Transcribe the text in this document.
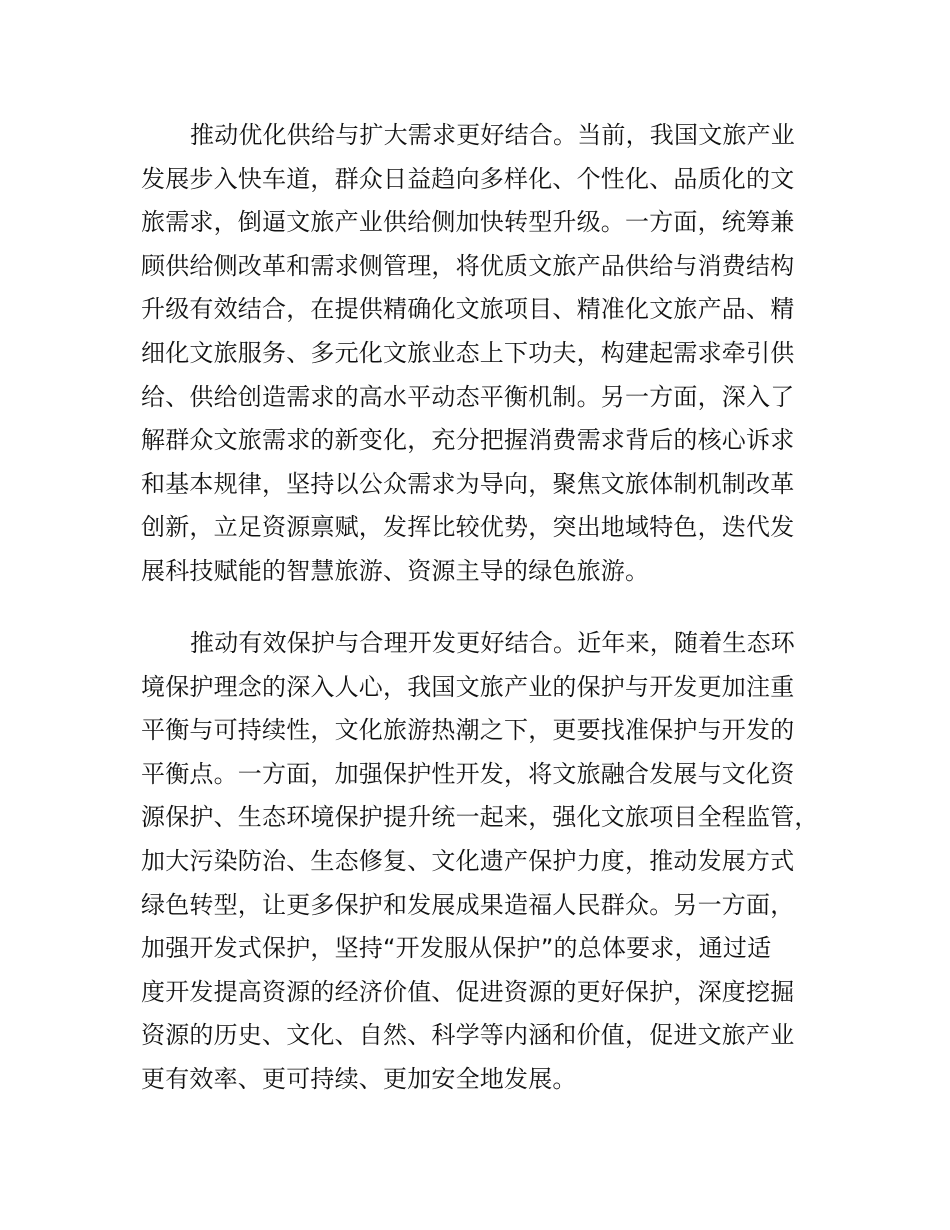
推动优化供给与扩大需求更好结合。当前，我国文旅产业
发展步入快车道，群众日益趋向多样化、个性化、品质化的文
旅需求，倒逼文旅产业供给侧加快转型升级。一方面，统筹兼
顾供给侧改革和需求侧管理，将优质文旅产品供给与消费结构
升级有效结合，在提供精确化文旅项目、精准化文旅产品、精
细化文旅服务、多元化文旅业态上下功夫，构建起需求牵引供
给、供给创造需求的高水平动态平衡机制。另一方面，深入了
解群众文旅需求的新变化，充分把握消费需求背后的核心诉求
和基本规律，坚持以公众需求为导向，聚焦文旅体制机制改革
创新，立足资源禀赋，发挥比较优势，突出地域特色，迭代发
展科技赋能的智慧旅游、资源主导的绿色旅游。
推动有效保护与合理开发更好结合。近年来，随着生态环
境保护理念的深入人心，我国文旅产业的保护与开发更加注重
平衡与可持续性，文化旅游热潮之下，更要找准保护与开发的
平衡点。一方面，加强保护性开发，将文旅融合发展与文化资
源保护、生态环境保护提升统一起来，强化文旅项目全程监管，
加大污染防治、生态修复、文化遗产保护力度，推动发展方式
绿色转型，让更多保护和发展成果造福人民群众。另一方面，
加强开发式保护，坚持“开发服从保护”的总体要求，通过适
度开发提高资源的经济价值、促进资源的更好保护，深度挖掘
资源的历史、文化、自然、科学等内涵和价值，促进文旅产业
更有效率、更可持续、更加安全地发展。
